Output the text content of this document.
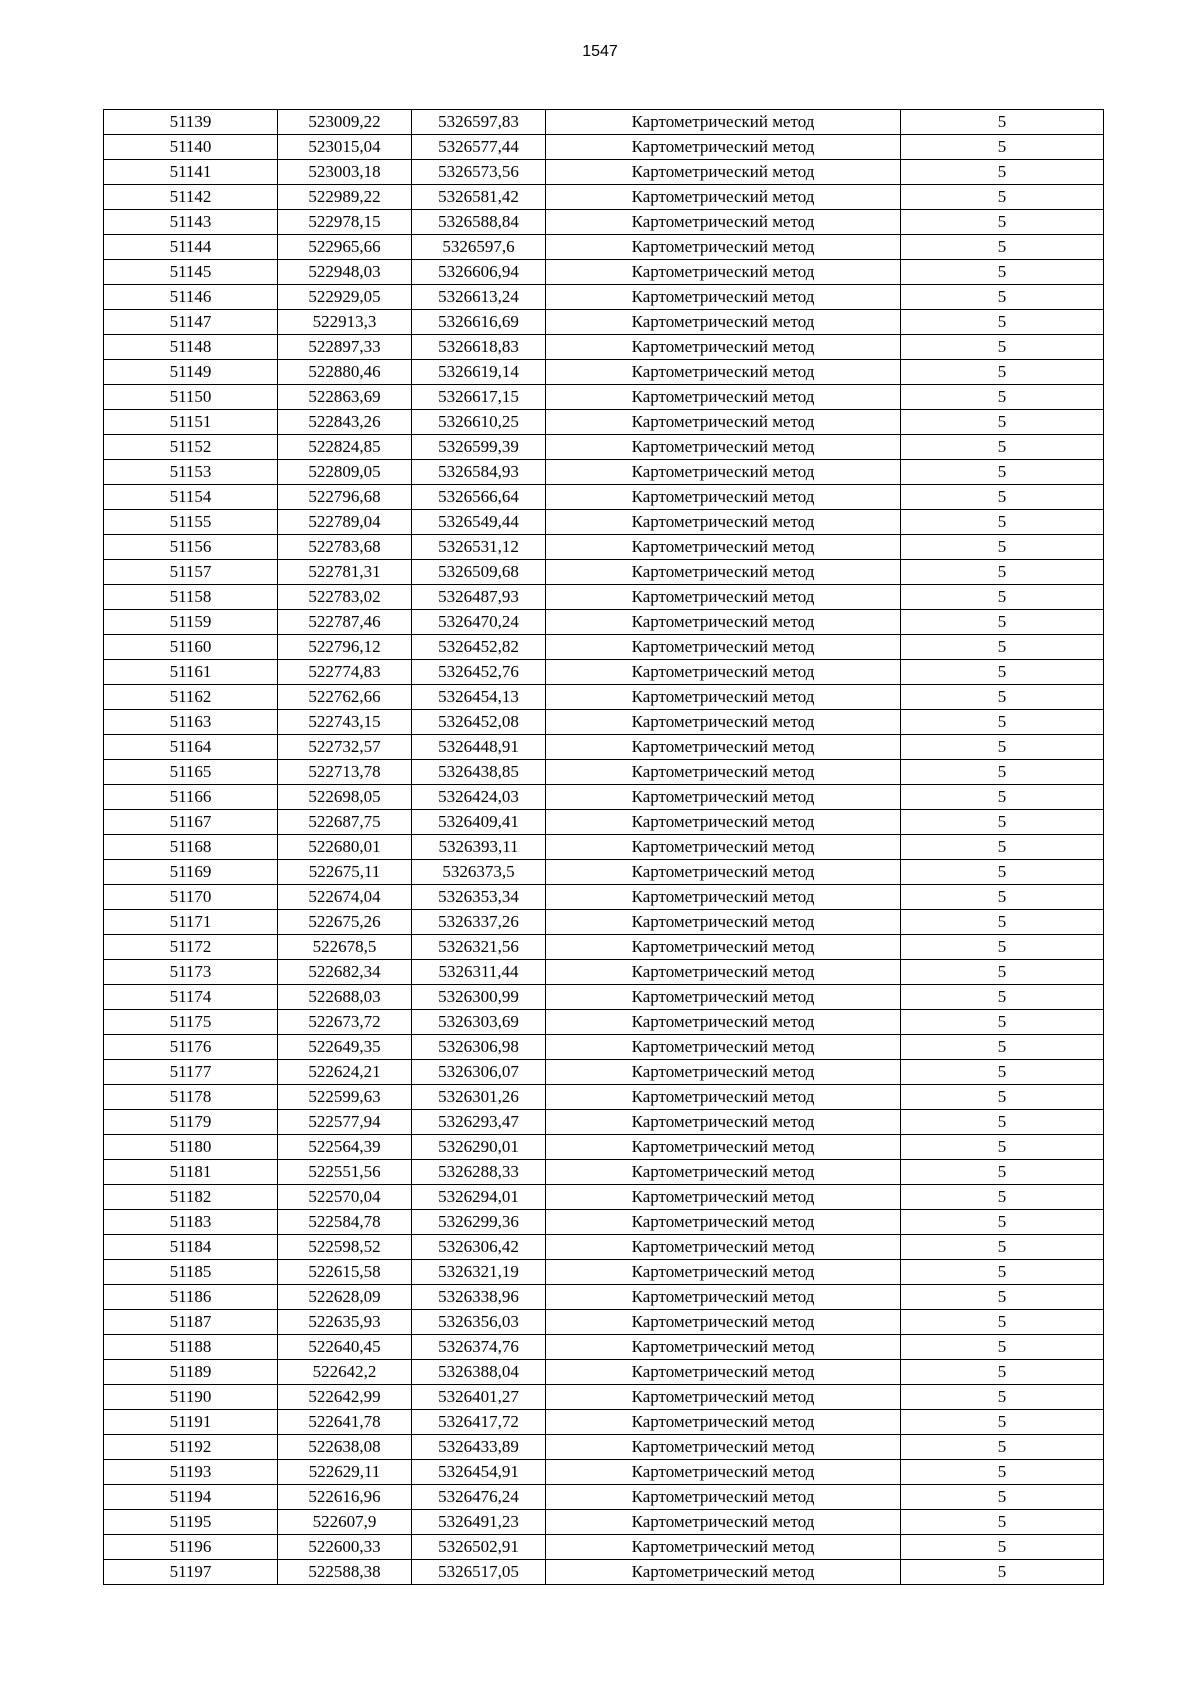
1547
51139	523009,22	5326597,83	Картометрический метод	5
51140	523015,04	5326577,44	Картометрический метод	5
51141	523003,18	5326573,56	Картометрический метод	5
51142	522989,22	5326581,42	Картометрический метод	5
51143	522978,15	5326588,84	Картометрический метод	5
51144	522965,66	5326597,6	Картометрический метод	5
51145	522948,03	5326606,94	Картометрический метод	5
51146	522929,05	5326613,24	Картометрический метод	5
51147	522913,3	5326616,69	Картометрический метод	5
51148	522897,33	5326618,83	Картометрический метод	5
51149	522880,46	5326619,14	Картометрический метод	5
51150	522863,69	5326617,15	Картометрический метод	5
51151	522843,26	5326610,25	Картометрический метод	5
51152	522824,85	5326599,39	Картометрический метод	5
51153	522809,05	5326584,93	Картометрический метод	5
51154	522796,68	5326566,64	Картометрический метод	5
51155	522789,04	5326549,44	Картометрический метод	5
51156	522783,68	5326531,12	Картометрический метод	5
51157	522781,31	5326509,68	Картометрический метод	5
51158	522783,02	5326487,93	Картометрический метод	5
51159	522787,46	5326470,24	Картометрический метод	5
51160	522796,12	5326452,82	Картометрический метод	5
51161	522774,83	5326452,76	Картометрический метод	5
51162	522762,66	5326454,13	Картометрический метод	5
51163	522743,15	5326452,08	Картометрический метод	5
51164	522732,57	5326448,91	Картометрический метод	5
51165	522713,78	5326438,85	Картометрический метод	5
51166	522698,05	5326424,03	Картометрический метод	5
51167	522687,75	5326409,41	Картометрический метод	5
51168	522680,01	5326393,11	Картометрический метод	5
51169	522675,11	5326373,5	Картометрический метод	5
51170	522674,04	5326353,34	Картометрический метод	5
51171	522675,26	5326337,26	Картометрический метод	5
51172	522678,5	5326321,56	Картометрический метод	5
51173	522682,34	5326311,44	Картометрический метод	5
51174	522688,03	5326300,99	Картометрический метод	5
51175	522673,72	5326303,69	Картометрический метод	5
51176	522649,35	5326306,98	Картометрический метод	5
51177	522624,21	5326306,07	Картометрический метод	5
51178	522599,63	5326301,26	Картометрический метод	5
51179	522577,94	5326293,47	Картометрический метод	5
51180	522564,39	5326290,01	Картометрический метод	5
51181	522551,56	5326288,33	Картометрический метод	5
51182	522570,04	5326294,01	Картометрический метод	5
51183	522584,78	5326299,36	Картометрический метод	5
51184	522598,52	5326306,42	Картометрический метод	5
51185	522615,58	5326321,19	Картометрический метод	5
51186	522628,09	5326338,96	Картометрический метод	5
51187	522635,93	5326356,03	Картометрический метод	5
51188	522640,45	5326374,76	Картометрический метод	5
51189	522642,2	5326388,04	Картометрический метод	5
51190	522642,99	5326401,27	Картометрический метод	5
51191	522641,78	5326417,72	Картометрический метод	5
51192	522638,08	5326433,89	Картометрический метод	5
51193	522629,11	5326454,91	Картометрический метод	5
51194	522616,96	5326476,24	Картометрический метод	5
51195	522607,9	5326491,23	Картометрический метод	5
51196	522600,33	5326502,91	Картометрический метод	5
51197	522588,38	5326517,05	Картометрический метод	5
